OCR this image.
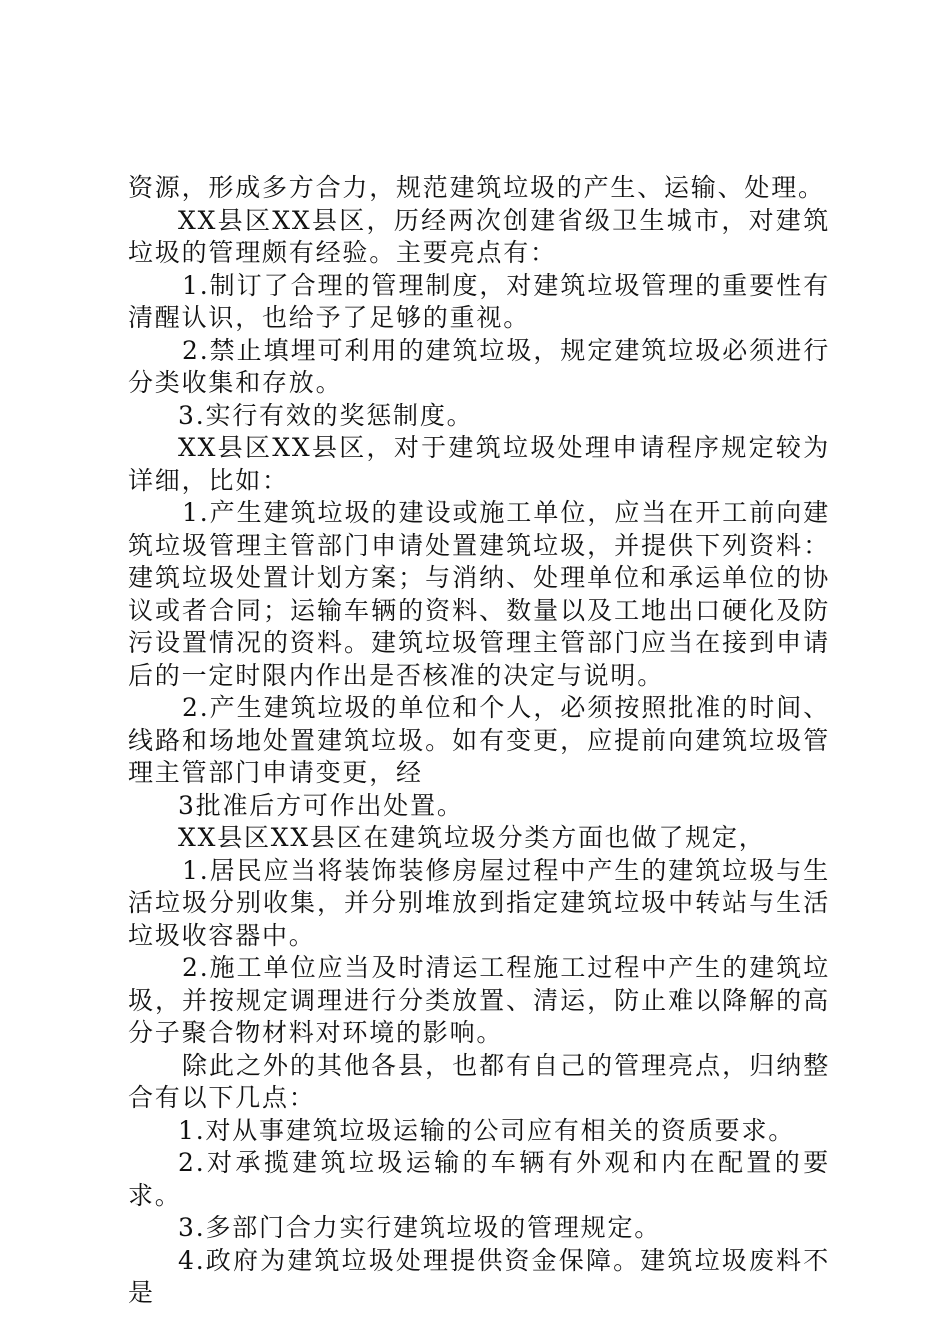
资源，形成多方合力，规范建筑垃圾的产生、运输、处理。

XX县区XX县区，历经两次创建省级卫生城市，对建筑垃圾的管理颇有经验。主要亮点有：

1.制订了合理的管理制度，对建筑垃圾管理的重要性有清醒认识，也给予了足够的重视。

2.禁止填埋可利用的建筑垃圾，规定建筑垃圾必须进行分类收集和存放。

3.实行有效的奖惩制度。

XX县区XX县区，对于建筑垃圾处理申请程序规定较为详细，比如：

1.产生建筑垃圾的建设或施工单位，应当在开工前向建筑垃圾管理主管部门申请处置建筑垃圾，并提供下列资料：建筑垃圾处置计划方案；与消纳、处理单位和承运单位的协议或者合同；运输车辆的资料、数量以及工地出口硬化及防污设置情况的资料。建筑垃圾管理主管部门应当在接到申请后的一定时限内作出是否核准的决定与说明。

2.产生建筑垃圾的单位和个人，必须按照批准的时间、线路和场地处置建筑垃圾。如有变更，应提前向建筑垃圾管理主管部门申请变更，经

3批准后方可作出处置。

XX县区XX县区在建筑垃圾分类方面也做了规定，

1.居民应当将装饰装修房屋过程中产生的建筑垃圾与生活垃圾分别收集，并分别堆放到指定建筑垃圾中转站与生活垃圾收容器中。

2.施工单位应当及时清运工程施工过程中产生的建筑垃圾，并按规定调理进行分类放置、清运，防止难以降解的高分子聚合物材料对环境的影响。

除此之外的其他各县，也都有自己的管理亮点，归纳整合有以下几点：

1.对从事建筑垃圾运输的公司应有相关的资质要求。

2.对承揽建筑垃圾运输的车辆有外观和内在配置的要求。

3.多部门合力实行建筑垃圾的管理规定。

4.政府为建筑垃圾处理提供资金保障。建筑垃圾废料不是
